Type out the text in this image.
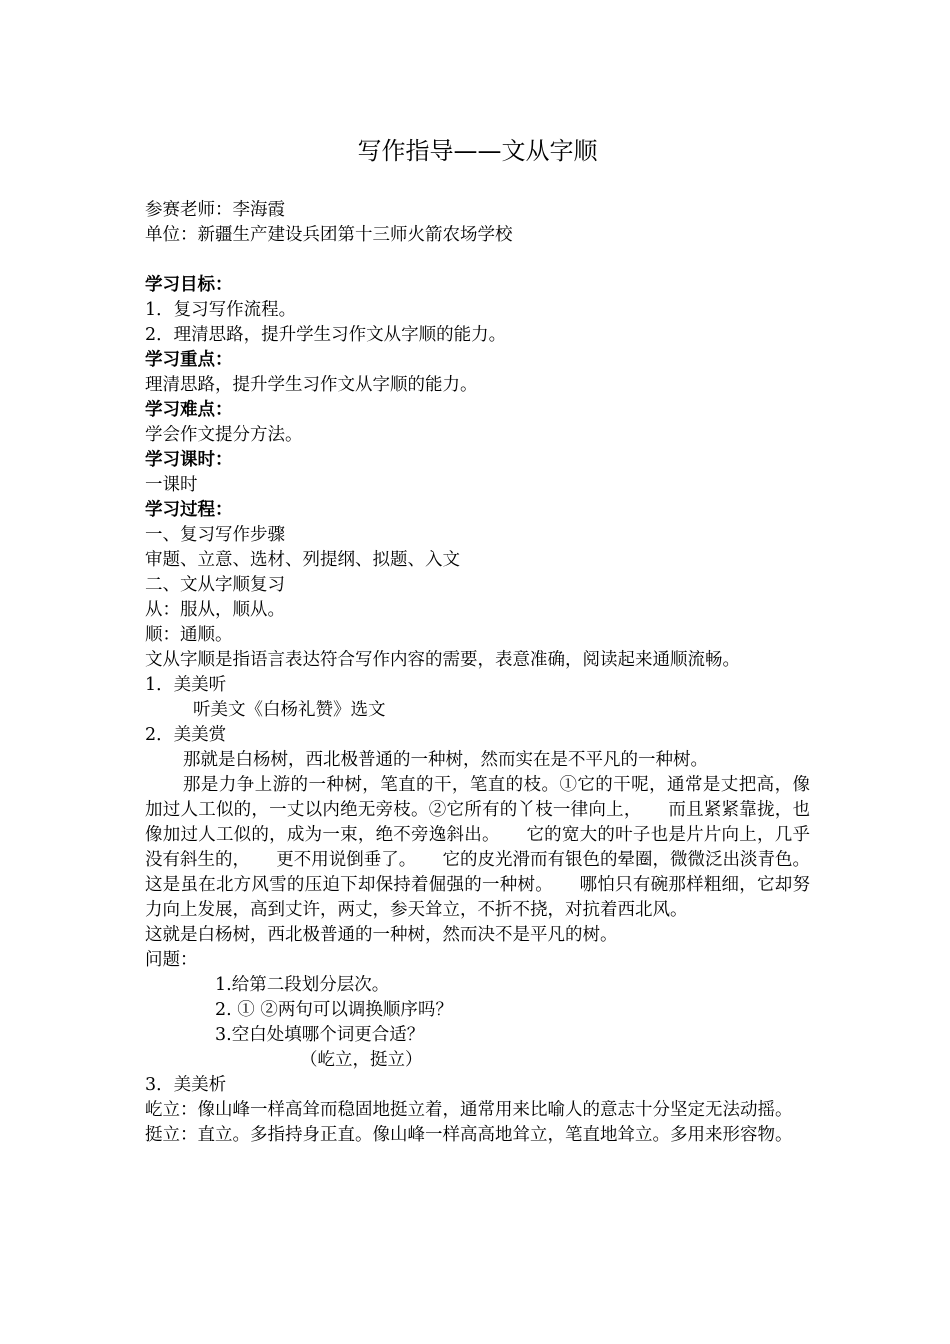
写作指导——文从字顺
参赛老师：李海霞
单位：新疆生产建设兵团第十三师火箭农场学校
学习目标：
1．复习写作流程。
2．理清思路，提升学生习作文从字顺的能力。
学习重点：
理清思路，提升学生习作文从字顺的能力。
学习难点：
学会作文提分方法。
学习课时：
一课时
学习过程：
一、复习写作步骤
审题、立意、选材、列提纲、拟题、入文
二、文从字顺复习
从：服从，顺从。
顺：通顺。
文从字顺是指语言表达符合写作内容的需要，表意准确，阅读起来通顺流畅。
1．美美听
听美文《白杨礼赞》选文
2．美美赏
那就是白杨树，西北极普通的一种树，然而实在是不平凡的一种树。
那是力争上游的一种树，笔直的干，笔直的枝。①它的干呢，通常是丈把高，像加过人工似的，一丈以内绝无旁枝。②它所有的丫枝一律向上，　　而且紧紧靠拢，也像加过人工似的，成为一束，绝不旁逸斜出。　　它的宽大的叶子也是片片向上，几乎没有斜生的，　　更不用说倒垂了。　　它的皮光滑而有银色的晕圈，微微泛出淡青色。这是虽在北方风雪的压迫下却保持着倔强的一种树。　　哪怕只有碗那样粗细，它却努力向上发展，高到丈许，两丈，参天耸立，不折不挠，对抗着西北风。
这就是白杨树，西北极普通的一种树，然而决不是平凡的树。
问题：
1.给第二段划分层次。
2. ① ②两句可以调换顺序吗？
3.空白处填哪个词更合适？
（屹立，挺立）
3．美美析
屹立：像山峰一样高耸而稳固地挺立着，通常用来比喻人的意志十分坚定无法动摇。
挺立：直立。多指持身正直。像山峰一样高高地耸立，笔直地耸立。多用来形容物。
